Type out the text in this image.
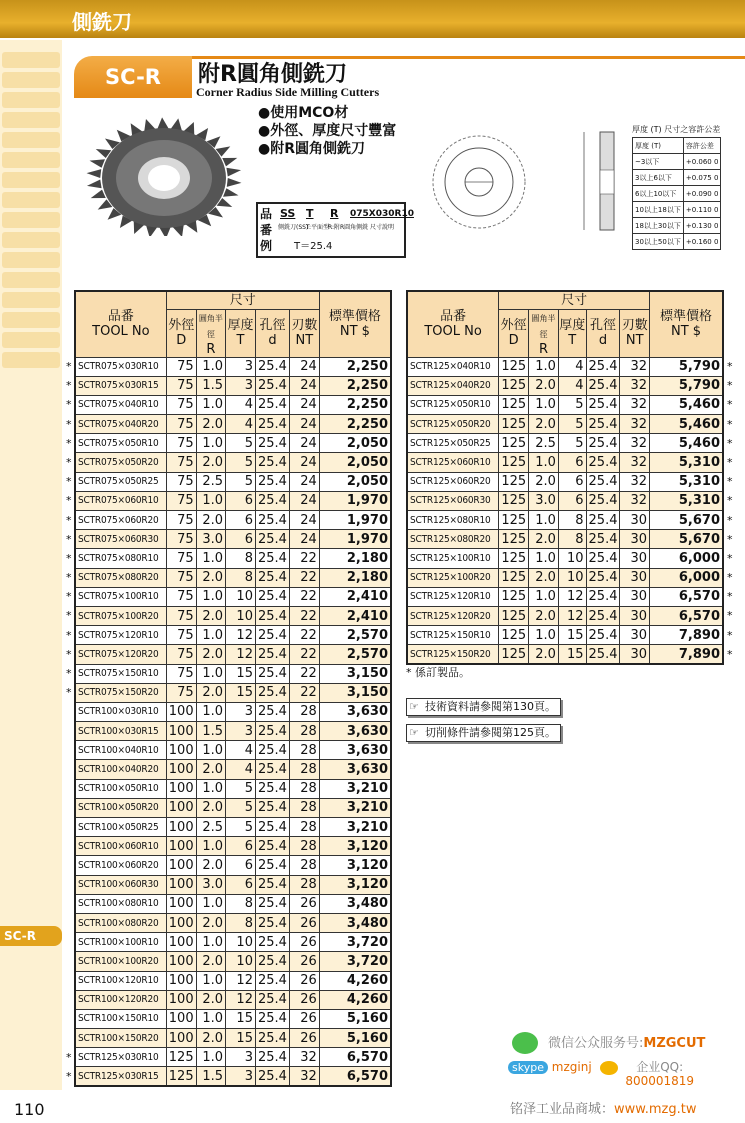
側銑刀
SC-R
110
SC-R	附R圓角側銑刀
Corner Radius Side Milling Cutters
●使用MCO材
●外徑、厚度尺寸豐富
●附R圓角側銑刀
厚度 (T) 尺寸之容許公差
厚度 (T)	容許公差
~3以下	+0.060 0
3以上6以下	+0.075 0
6以上10以下	+0.090 0
10以上18以下	+0.110 0
18以上30以下	+0.130 0
30以上50以下	+0.160 0
品番例
SS T R 075X030R10
側銑刀(SS)
T:平面型
R:附R圓角側銑 尺寸說明
T＝25.4
品番
TOOL No	尺寸					標準價格
NT $
	外徑
D	圓角半徑
R	厚度
T	孔徑
d	刃數
NT	
SCTR075×030R10	75	1.0	3	25.4	24	2,250
SCTR075×030R15	75	1.5	3	25.4	24	2,250
SCTR075×040R10	75	1.0	4	25.4	24	2,250
SCTR075×040R20	75	2.0	4	25.4	24	2,250
SCTR075×050R10	75	1.0	5	25.4	24	2,050
SCTR075×050R20	75	2.0	5	25.4	24	2,050
SCTR075×050R25	75	2.5	5	25.4	24	2,050
SCTR075×060R10	75	1.0	6	25.4	24	1,970
SCTR075×060R20	75	2.0	6	25.4	24	1,970
SCTR075×060R30	75	3.0	6	25.4	24	1,970
SCTR075×080R10	75	1.0	8	25.4	22	2,180
SCTR075×080R20	75	2.0	8	25.4	22	2,180
SCTR075×100R10	75	1.0	10	25.4	22	2,410
SCTR075×100R20	75	2.0	10	25.4	22	2,410
SCTR075×120R10	75	1.0	12	25.4	22	2,570
SCTR075×120R20	75	2.0	12	25.4	22	2,570
SCTR075×150R10	75	1.0	15	25.4	22	3,150
SCTR075×150R20	75	2.0	15	25.4	22	3,150
SCTR100×030R10	100	1.0	3	25.4	28	3,630
SCTR100×030R15	100	1.5	3	25.4	28	3,630
SCTR100×040R10	100	1.0	4	25.4	28	3,630
SCTR100×040R20	100	2.0	4	25.4	28	3,630
SCTR100×050R10	100	1.0	5	25.4	28	3,210
SCTR100×050R20	100	2.0	5	25.4	28	3,210
SCTR100×050R25	100	2.5	5	25.4	28	3,210
SCTR100×060R10	100	1.0	6	25.4	28	3,120
SCTR100×060R20	100	2.0	6	25.4	28	3,120
SCTR100×060R30	100	3.0	6	25.4	28	3,120
SCTR100×080R10	100	1.0	8	25.4	26	3,480
SCTR100×080R20	100	2.0	8	25.4	26	3,480
SCTR100×100R10	100	1.0	10	25.4	26	3,720
SCTR100×100R20	100	2.0	10	25.4	26	3,720
SCTR100×120R10	100	1.0	12	25.4	26	4,260
SCTR100×120R20	100	2.0	12	25.4	26	4,260
SCTR100×150R10	100	1.0	15	25.4	26	5,160
SCTR100×150R20	100	2.0	15	25.4	26	5,160
SCTR125×030R10	125	1.0	3	25.4	32	6,570
SCTR125×030R15	125	1.5	3	25.4	32	6,570
品番
TOOL No	尺寸					標準價格
NT $
	外徑
D	圓角半徑
R	厚度
T	孔徑
d	刃數
NT	
SCTR125×040R10	125	1.0	4	25.4	32	5,790
SCTR125×040R20	125	2.0	4	25.4	32	5,790
SCTR125×050R10	125	1.0	5	25.4	32	5,460
SCTR125×050R20	125	2.0	5	25.4	32	5,460
SCTR125×050R25	125	2.5	5	25.4	32	5,460
SCTR125×060R10	125	1.0	6	25.4	32	5,310
SCTR125×060R20	125	2.0	6	25.4	32	5,310
SCTR125×060R30	125	3.0	6	25.4	32	5,310
SCTR125×080R10	125	1.0	8	25.4	30	5,670
SCTR125×080R20	125	2.0	8	25.4	30	5,670
SCTR125×100R10	125	1.0	10	25.4	30	6,000
SCTR125×100R20	125	2.0	10	25.4	30	6,000
SCTR125×120R10	125	1.0	12	25.4	30	6,570
SCTR125×120R20	125	2.0	12	25.4	30	6,570
SCTR125×150R10	125	1.0	15	25.4	30	7,890
SCTR125×150R20	125	2.0	15	25.4	30	7,890
* 係訂製品。
☞ 技術資料請參閱第130頁。
☞ 切削條件請參閱第125頁。
微信公众服务号:MZGCUT
skype mzginj	企业QQ:
800001819
铭泽工业品商城：www.mzg.tw
*
*
*
*
*
*
*
*
*
*
*
*
*
*
*
*
*
*
*
*
*
*
*
*
*
*
*
*
*
*
*
*
*
*
*
*
